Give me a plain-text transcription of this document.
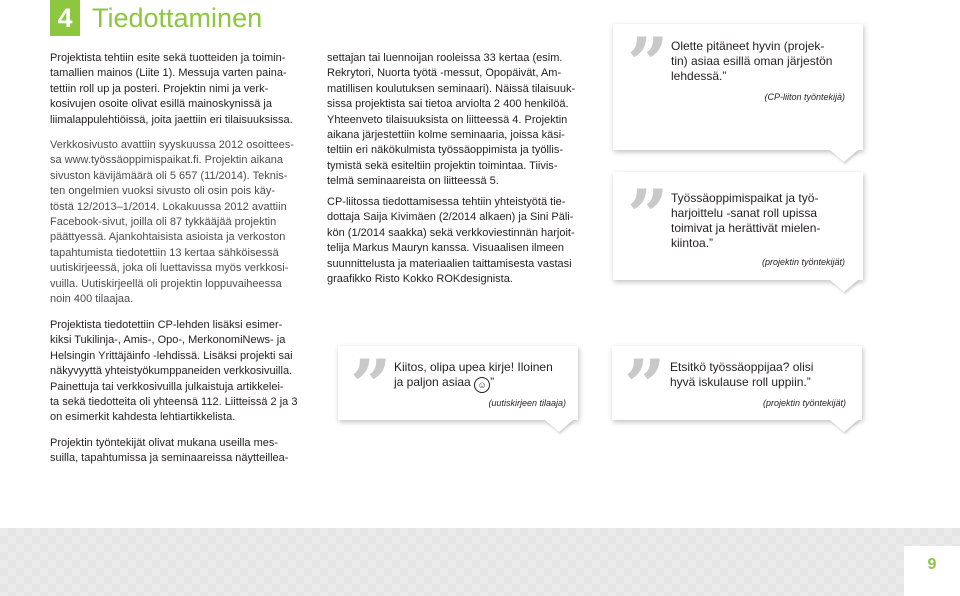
4 Tiedottaminen

Projektista tehtiin esite sekä tuotteiden ja toimin-
tamallien mainos (Liite 1). Messuja varten paina-
tettiin roll up ja posteri. Projektin nimi ja verk-
kosivujen osoite olivat esillä mainoskynissä ja
liimalappulehtiöissä, joita jaettiin eri tilaisuuksissa.

Verkkosivusto avattiin syyskuussa 2012 osoittees-
sa www.työssäoppimispaikat.fi. Projektin aikana
sivuston kävijämäärä oli 5 657 (11/2014). Teknis-
ten ongelmien vuoksi sivusto oli osin pois käy-
töstä 12/2013–1/2014. Lokakuussa 2012 avattiin
Facebook-sivut, joilla oli 87 tykkääjää projektin
päättyessä. Ajankohtaisista asioista ja verkoston
tapahtumista tiedotettiin 13 kertaa sähköisessä
uutiskirjeessä, joka oli luettavissa myös verkkosi-
vuilla. Uutiskirjeellä oli projektin loppuvaiheessa
noin 400 tilaajaa.

Projektista tiedotettiin CP-lehden lisäksi esimer-
kiksi Tukilinja-, Amis-, Opo-, MerkonomiNews- ja
Helsingin Yrittäjäinfo -lehdissä. Lisäksi projekti sai
näkyvyyttä yhteistyökumppaneiden verkkosivuilla.
Painettuja tai verkkosivuilla julkaistuja artikkelei-
ta sekä tiedotteita oli yhteensä 112. Liitteissä 2 ja 3
on esimerkit kahdesta lehtiartikkelista.

Projektin työntekijät olivat mukana useilla mes-
suilla, tapahtumissa ja seminaareissa näytteillea-

settajan tai luennoijan rooleissa 33 kertaa (esim.
Rekrytori, Nuorta työtä -messut, Opopäivät, Am-
matillisen koulutuksen seminaari). Näissä tilaisuuk-
sissa projektista sai tietoa arviolta 2 400 henkilöä.
Yhteenveto tilaisuuksista on liitteessä 4. Projektin
aikana järjestettiin kolme seminaaria, joissa käsi-
teltiin eri näkökulmista työssäoppimista ja työllis-
tymistä sekä esiteltiin projektin toimintaa. Tiivis-
telmä seminaareista on liitteessä 5.

CP-liitossa tiedottamisessa tehtiin yhteistyötä tie-
dottaja Saija Kivimäen (2/2014 alkaen) ja Sini Päli-
kön (1/2014 saakka) sekä verkkoviestinnän harjoit-
telija Markus Mauryn kanssa. Visuaalisen ilmeen
suunnittelusta ja materiaalien taittamisesta vastasi
graafikko Risto Kokko ROKdesignista.

” Olette pitäneet hyvin (projek-
tin) asiaa esillä oman järjestön
lehdessä.”
(CP-liiton työntekijä)
” Työssäoppimispaikat ja työ-
harjoittelu -sanat roll upissa
toimivat ja herättivät mielen-
kiintoa.”
(projektin työntekijät)
” Kiitos, olipa upea kirje! Iloinen
ja paljon asiaa ☺ ”
(uutiskirjeen tilaaja) ” Etsitkö työssäoppijaa? olisi
hyvä iskulause roll uppiin.”
(projektin työntekijät)
9
